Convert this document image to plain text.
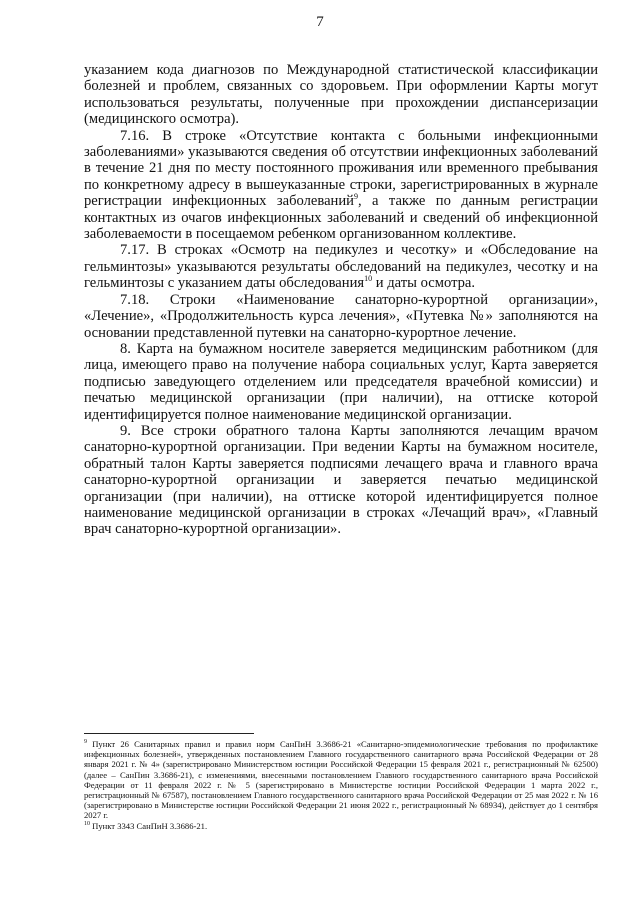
7

указанием кода диагнозов по Международной статистической классификации болезней и проблем, связанных со здоровьем. При оформлении Карты могут использоваться результаты, полученные при прохождении диспансеризации (медицинского осмотра).

7.16. В строке «Отсутствие контакта с больными инфекционными заболеваниями» указываются сведения об отсутствии инфекционных заболеваний в течение 21 дня по месту постоянного проживания или временного пребывания по конкретному адресу в вышеуказанные строки, зарегистрированных в журнале регистрации инфекционных заболеваний$^9$, а также по данным регистрации контактных из очагов инфекционных заболеваний и сведений об инфекционной заболеваемости в посещаемом ребенком организованном коллективе.

7.17. В строках «Осмотр на педикулез и чесотку» и «Обследование на гельминтозы» указываются результаты обследований на педикулез, чесотку и на гельминтозы с указанием даты обследования$^{10}$ и даты осмотра.

7.18. Строки «Наименование санаторно-курортной организации», «Лечение», «Продолжительность курса лечения», «Путевка №» заполняются на основании представленной путевки на санаторно-курортное лечение.

8. Карта на бумажном носителе заверяется медицинским работником (для лица, имеющего право на получение набора социальных услуг, Карта заверяется подписью заведующего отделением или председателя врачебной комиссии) и печатью медицинской организации (при наличии), на оттиске которой идентифицируется полное наименование медицинской организации.

9. Все строки обратного талона Карты заполняются лечащим врачом санаторно-курортной организации. При ведении Карты на бумажном носителе, обратный талон Карты заверяется подписями лечащего врача и главного врача санаторно-курортной организации и заверяется печатью медицинской организации (при наличии), на оттиске которой идентифицируется полное наименование медицинской организации в строках «Лечащий врач», «Главный врач санаторно-курортной организации».

$^9$ Пункт 26 Санитарных правил и правил норм СанПиН 3.3686-21 «Санитарно-эпидемиологические требования по профилактике инфекционных болезней», утвержденных постановлением Главного государственного санитарного врача Российской Федерации от 28 января 2021 г. № 4» (зарегистрировано Министерством юстиции Российской Федерации 15 февраля 2021 г., регистрационный № 62500) (далее – СанПин 3.3686-21), с изменениями, внесенными постановлением Главного государственного санитарного врача Российской Федерации от 11 февраля 2022 г. № 5 (зарегистрировано в Министерстве юстиции Российской Федерации 1 марта 2022 г., регистрационный № 67587), постановлением Главного государственного санитарного врача Российской Федерации от 25 мая 2022 г. № 16 (зарегистрировано в Министерстве юстиции Российской Федерации 21 июня 2022 г., регистрационный № 68934), действует до 1 сентября 2027 г.

$^{10}$ Пункт 3343 СанПиН 3.3686-21.
